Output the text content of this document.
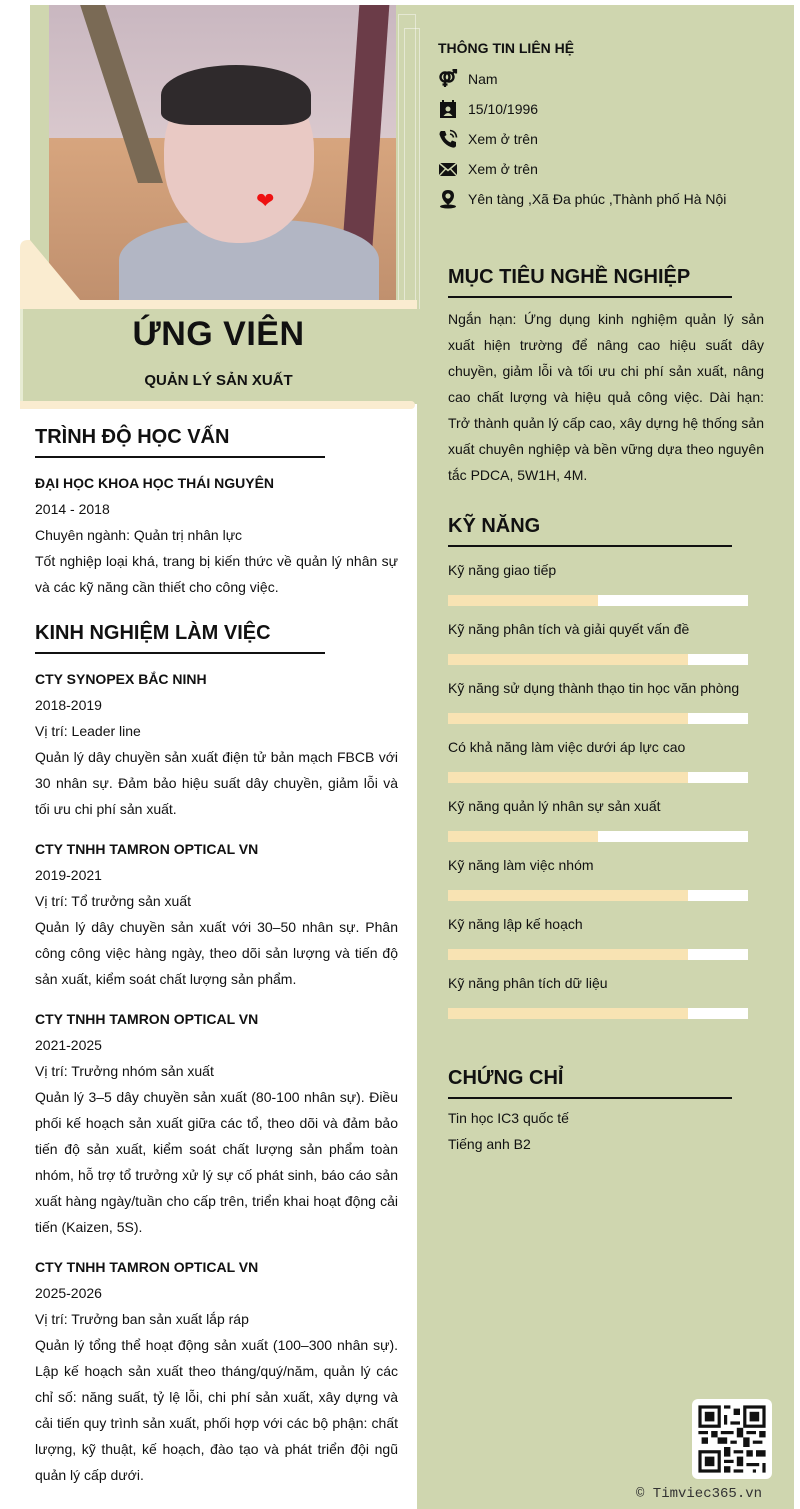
❤
ỨNG VIÊN
QUẢN LÝ SẢN XUẤT
TRÌNH ĐỘ HỌC VẤN
ĐẠI HỌC KHOA HỌC THÁI NGUYÊN
2014 - 2018
Chuyên ngành: Quản trị nhân lực
Tốt nghiệp loại khá, trang bị kiến thức về quản lý nhân sự và các kỹ năng cần thiết cho công việc.
KINH NGHIỆM LÀM VIỆC
CTY SYNOPEX BẮC NINH
2018-2019
Vị trí: Leader line
Quản lý dây chuyền sản xuất điện tử bản mạch FBCB với 30 nhân sự. Đảm bảo hiệu suất dây chuyền, giảm lỗi và tối ưu chi phí sản xuất.
CTY TNHH TAMRON OPTICAL VN
2019-2021
Vị trí: Tổ trưởng sản xuất
Quản lý dây chuyền sản xuất với 30–50 nhân sự. Phân công công việc hàng ngày, theo dõi sản lượng và tiến độ sản xuất, kiểm soát chất lượng sản phẩm.
CTY TNHH TAMRON OPTICAL VN
2021-2025
Vị trí: Trưởng nhóm sản xuất
Quản lý 3–5 dây chuyền sản xuất (80-100 nhân sự). Điều phối kế hoạch sản xuất giữa các tổ, theo dõi và đảm bảo tiến độ sản xuất, kiểm soát chất lượng sản phẩm toàn nhóm, hỗ trợ tổ trưởng xử lý sự cố phát sinh, báo cáo sản xuất hàng ngày/tuần cho cấp trên, triển khai hoạt động cải tiến (Kaizen, 5S).
CTY TNHH TAMRON OPTICAL VN
2025-2026
Vị trí: Trưởng ban sản xuất lắp ráp
Quản lý tổng thể hoạt động sản xuất (100–300 nhân sự). Lập kế hoạch sản xuất theo tháng/quý/năm, quản lý các chỉ số: năng suất, tỷ lệ lỗi, chi phí sản xuất, xây dựng và cải tiến quy trình sản xuất, phối hợp với các bộ phận: chất lượng, kỹ thuật, kế hoạch, đào tạo và phát triển đội ngũ quản lý cấp dưới.
THÔNG TIN LIÊN HỆ
Nam
15/10/1996
Xem ở trên
Xem ở trên
Yên tàng ,Xã Đa phúc ,Thành phố Hà Nội
MỤC TIÊU NGHỀ NGHIỆP
Ngắn hạn: Ứng dụng kinh nghiệm quản lý sản xuất hiện trường để nâng cao hiệu suất dây chuyền, giảm lỗi và tối ưu chi phí sản xuất, nâng cao chất lượng và hiệu quả công việc. Dài hạn: Trở thành quản lý cấp cao, xây dựng hệ thống sản xuất chuyên nghiệp và bền vững dựa theo nguyên tắc PDCA, 5W1H, 4M.
KỸ NĂNG
Kỹ năng giao tiếp
Kỹ năng phân tích và giải quyết vấn đề
Kỹ năng sử dụng thành thạo tin học văn phòng
Có khả năng làm việc dưới áp lực cao
Kỹ năng quản lý nhân sự sản xuất
Kỹ năng làm việc nhóm
Kỹ năng lập kế hoạch
Kỹ năng phân tích dữ liệu
CHỨNG CHỈ
Tin học IC3 quốc tế
Tiếng anh B2
© Timviec365.vn
